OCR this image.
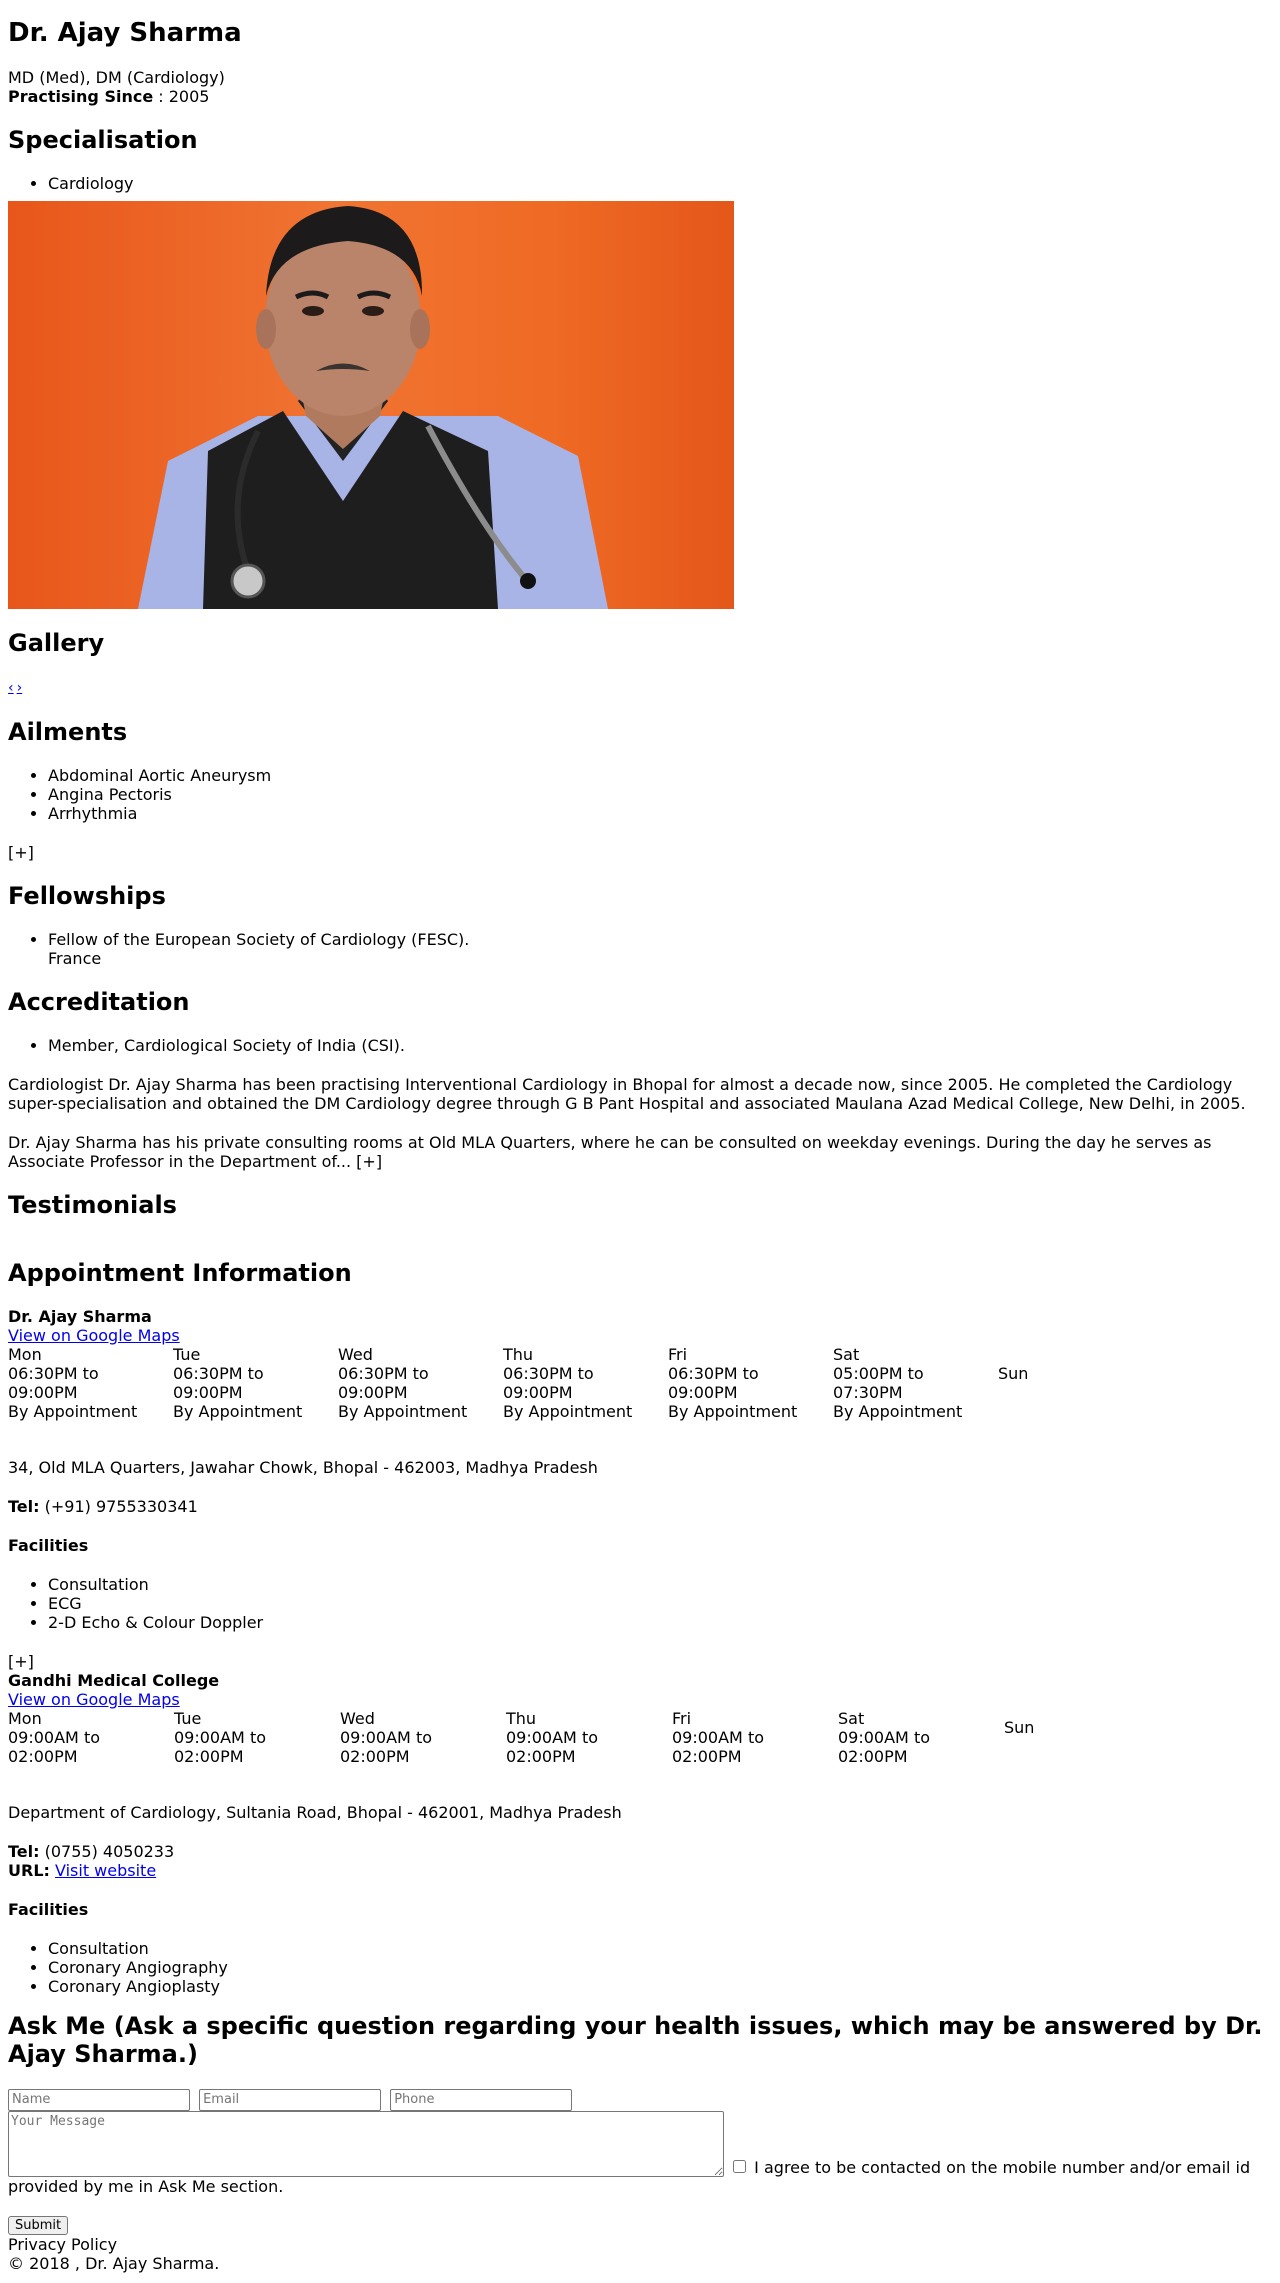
Dr. Ajay Sharma
MD (Med), DM (Cardiology)
Practising Since : 2005
Specialisation
• Cardiology
Gallery
‹ ›
Ailments
• Abdominal Aortic Aneurysm
• Angina Pectoris
• Arrhythmia
[+]
Fellowships
• Fellow of the European Society of Cardiology (FESC).
France
Accreditation
• Member, Cardiological Society of India (CSI).

Cardiologist Dr. Ajay Sharma has been practising Interventional Cardiology in Bhopal for almost a decade now, since 2005. He completed the Cardiology super-specialisation and obtained the DM Cardiology degree through G B Pant Hospital and associated Maulana Azad Medical College, New Delhi, in 2005.

Dr. Ajay Sharma has his private consulting rooms at Old MLA Quarters, where he can be consulted on weekday evenings. During the day he serves as Associate Professor in the Department of... [+]

Testimonials
Appointment Information
Dr. Ajay Sharma
View on Google Maps
Mon
06:30PM to 09:00PM
By Appointment
Tue
06:30PM to 09:00PM
By Appointment
Wed
06:30PM to 09:00PM
By Appointment
Thu
06:30PM to 09:00PM
By Appointment
Fri
06:30PM to 09:00PM
By Appointment
Sat
05:00PM to 07:30PM
By Appointment
Sun

34, Old MLA Quarters, Jawahar Chowk, Bhopal - 462003, Madhya Pradesh

Tel: (+91) 9755330341

Facilities

• Consultation
• ECG
• 2-D Echo & Colour Doppler
[+]
Gandhi Medical College
View on Google Maps
Mon
09:00AM to 02:00PM
Tue
09:00AM to 02:00PM
Wed
09:00AM to 02:00PM
Thu
09:00AM to 02:00PM
Fri
09:00AM to 02:00PM
Sat
09:00AM to 02:00PM
Sun

Department of Cardiology, Sultania Road, Bhopal - 462001, Madhya Pradesh

Tel: (0755) 4050233

URL: Visit website

Facilities

• Consultation
• Coronary Angiography
• Coronary Angioplasty
Ask Me (Ask a specific question regarding your health issues, which may be answered by Dr. Ajay Sharma.)
Name Email Phone
Your Message  I agree to be contacted on the mobile number and/or email id provided by me in Ask Me section.
Submit
Privacy Policy
© 2018 , Dr. Ajay Sharma.
